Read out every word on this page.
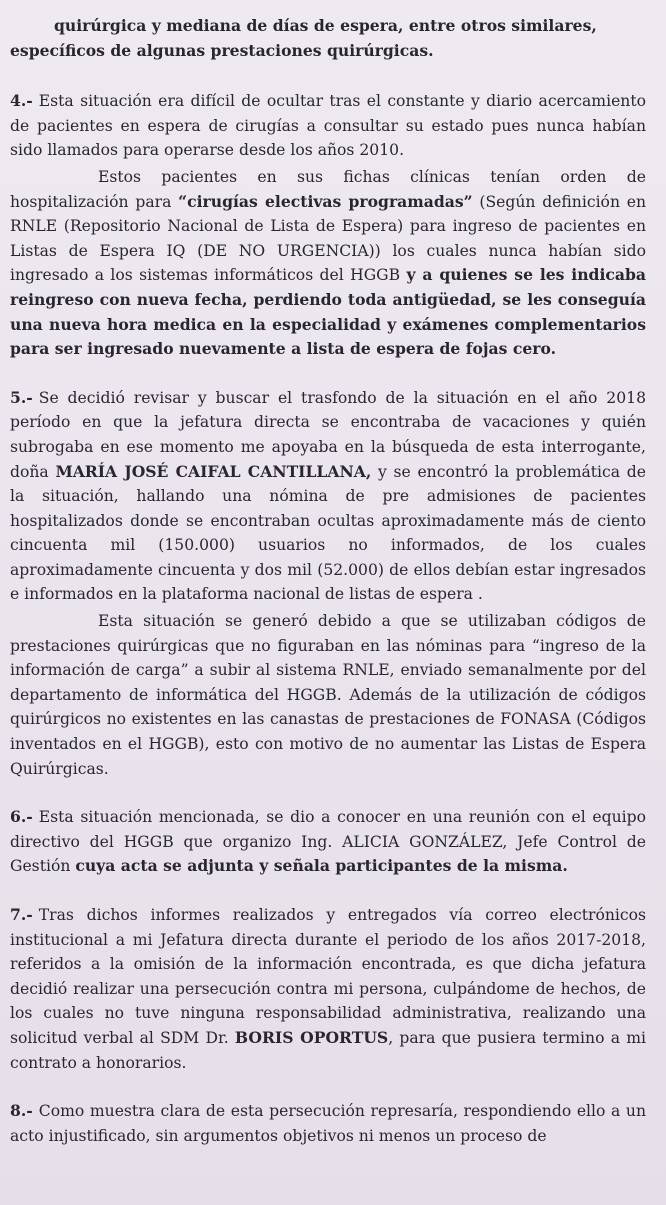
quirúrgica y mediana de días de espera, entre otros similares,
específicos de algunas prestaciones quirúrgicas.

4.- Esta situación era difícil de ocultar tras el constante y diario acercamiento de pacientes en espera de cirugías a consultar su estado pues nunca habían sido llamados para operarse desde los años 2010.

Estos pacientes en sus fichas clínicas tenían orden de hospitalización para “cirugías electivas programadas” (Según definición en RNLE (Repositorio Nacional de Lista de Espera) para ingreso de pacientes en Listas de Espera IQ (DE NO URGENCIA)) los cuales nunca habían sido ingresado a los sistemas informáticos del HGGB y a quienes se les indicaba reingreso con nueva fecha, perdiendo toda antigüedad, se les conseguía una nueva hora medica en la especialidad y exámenes complementarios para ser ingresado nuevamente a lista de espera de fojas cero.

5.- Se decidió revisar y buscar el trasfondo de la situación en el año 2018 período en que la jefatura directa se encontraba de vacaciones y quién subrogaba en ese momento me apoyaba en la búsqueda de esta interrogante, doña MARÍA JOSÉ CAIFAL CANTILLANA, y se encontró la problemática de la situación, hallando una nómina de pre admisiones de pacientes hospitalizados donde se encontraban ocultas aproximadamente más de ciento cincuenta mil (150.000) usuarios no informados, de los cuales aproximadamente cincuenta y dos mil (52.000) de ellos debían estar ingresados e informados en la plataforma nacional de listas de espera .

Esta situación se generó debido a que se utilizaban códigos de prestaciones quirúrgicas que no figuraban en las nóminas para “ingreso de la información de carga” a subir al sistema RNLE, enviado semanalmente por del departamento de informática del HGGB. Además de la utilización de códigos quirúrgicos no existentes en las canastas de prestaciones de FONASA (Códigos inventados en el HGGB), esto con motivo de no aumentar las Listas de Espera Quirúrgicas.

6.- Esta situación mencionada, se dio a conocer en una reunión con el equipo directivo del HGGB que organizo Ing. ALICIA GONZÁLEZ, Jefe Control de Gestión cuya acta se adjunta y señala participantes de la misma.

7.- Tras dichos informes realizados y entregados vía correo electrónicos institucional a mi Jefatura directa durante el periodo de los años 2017-2018, referidos a la omisión de la información encontrada, es que dicha jefatura decidió realizar una persecución contra mi persona, culpándome de hechos, de los cuales no tuve ninguna responsabilidad administrativa, realizando una solicitud verbal al SDM Dr. BORIS OPORTUS, para que pusiera termino a mi contrato a honorarios.

8.- Como muestra clara de esta persecución represaría, respondiendo ello a un acto injustificado, sin argumentos objetivos ni menos un proceso de
